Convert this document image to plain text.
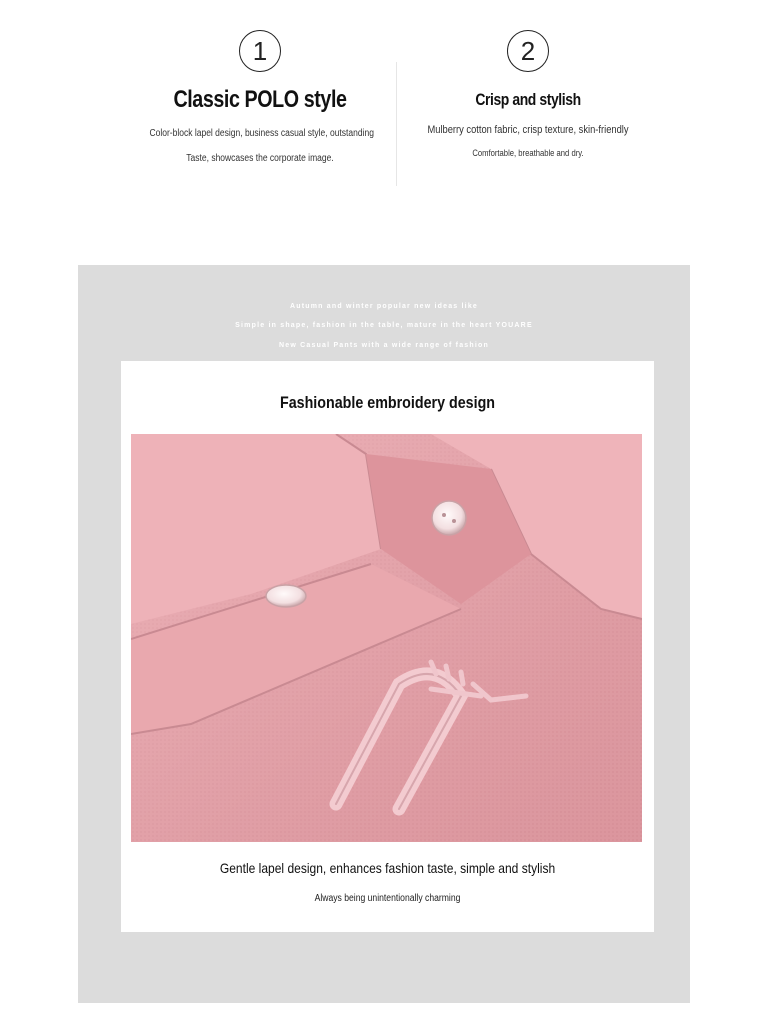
1
Classic POLO style
Color-block lapel design, business casual style, outstanding
Taste, showcases the corporate image.
2
Crisp and stylish
Mulberry cotton fabric, crisp texture, skin-friendly
Comfortable, breathable and dry.
Autumn and winter popular new ideas like
Simple in shape, fashion in the table, mature in the heart YOUARE
New Casual Pants with a wide range of fashion
Fashionable embroidery design
Gentle lapel design, enhances fashion taste, simple and stylish
Always being unintentionally charming
